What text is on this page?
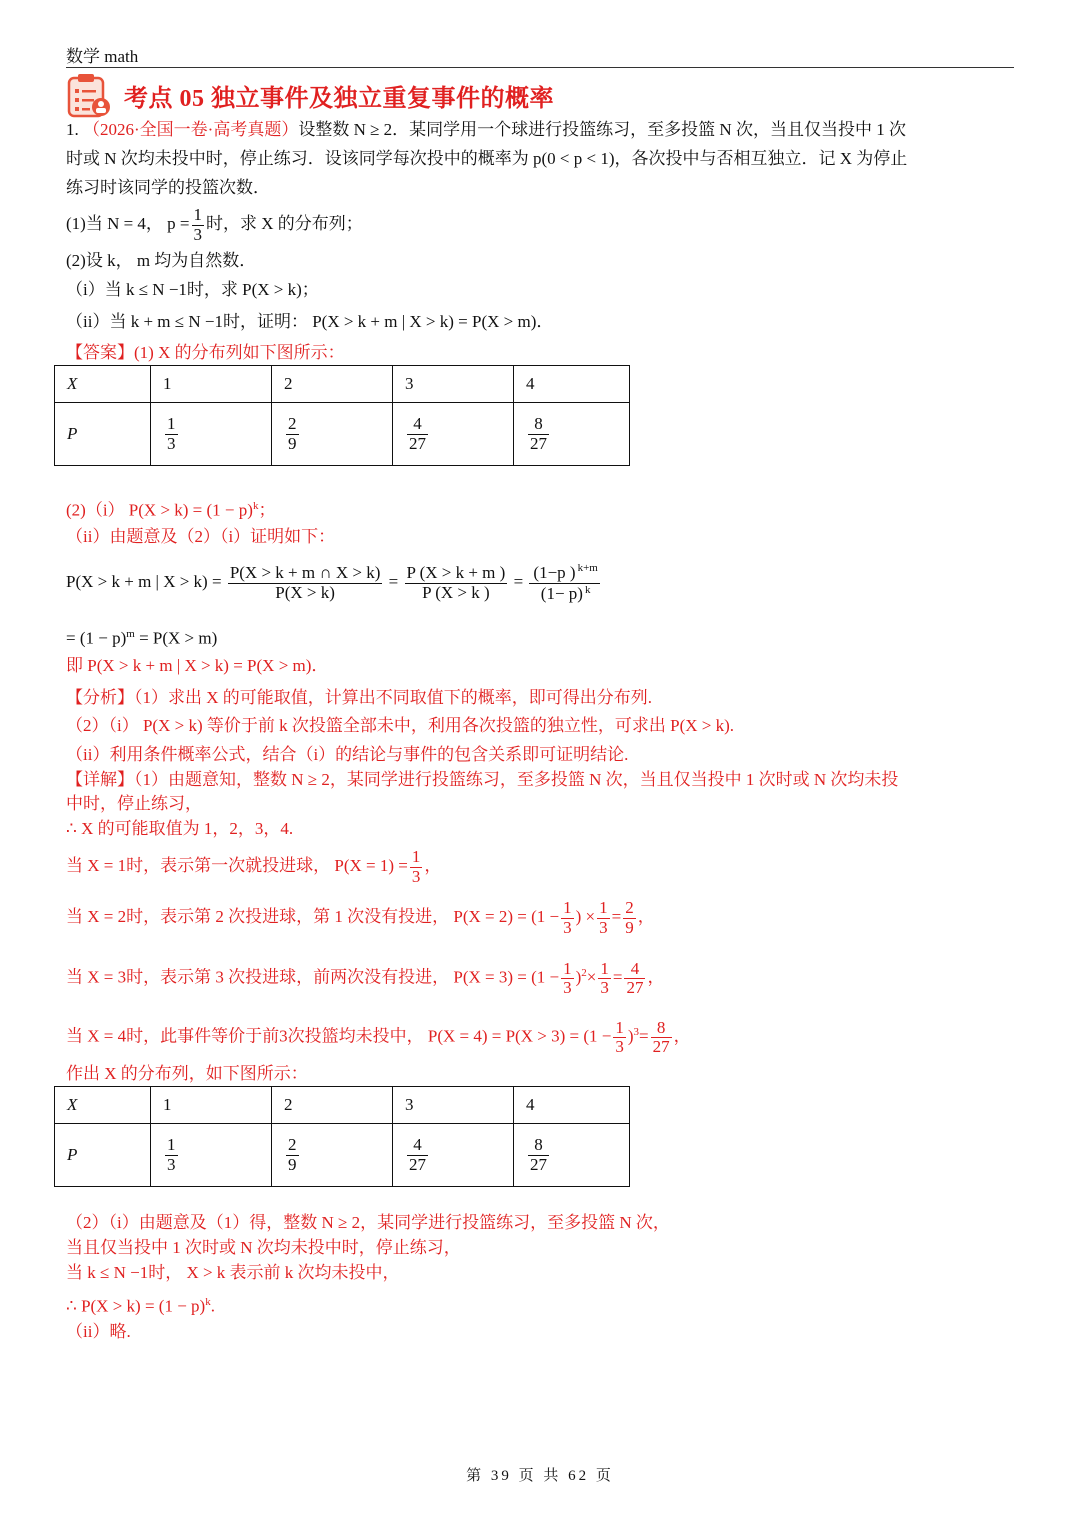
数学 math
考点 05 独立事件及独立重复事件的概率
1. （2026·全国一卷·高考真题）设整数 N ≥ 2．某同学用一个球进行投篮练习，至多投篮 N 次，当且仅当投中 1 次
时或 N 次均未投中时，停止练习．设该同学每次投中的概率为 p(0 < p < 1)，各次投中与否相互独立．记 X 为停止
练习时该同学的投篮次数．
(1)当 N = 4， $p = \frac{1}{3}$ 时，求 X 的分布列；
(2)设 k， m 均为自然数．
（i）当 k ≤ N −1时，求 P(X > k)；
（ii）当 k + m ≤ N −1时，证明： P(X > k + m | X > k) = P(X > m)．
【答案】(1) X 的分布列如下图所示：
X	1	2	3	4
P	$\frac{1}{3}$	$\frac{2}{9}$	$\frac{4}{27}$	$\frac{8}{27}$
(2)（i） $P(X > k) = (1 - p)^k$；
（ii）由题意及（2）（i）证明如下：
P(X > k + m | $X > k) = \frac{P(X > k + m \cap X > k)}{P(X > k)} = \frac{P (X > k + m )}{P (X > k )} = \frac{(1-p ) ^{k+m}}{(1- p) ^k}$
= $(1 - p)^m = P(X > m)$
即 P(X > k + m | X > k) = P(X > m)．
【分析】（1）求出 X 的可能取值，计算出不同取值下的概率，即可得出分布列.
（2）（i） P(X > k) 等价于前 k 次投篮全部未中，利用各次投篮的独立性，可求出 P(X > k).
（ii）利用条件概率公式，结合（i）的结论与事件的包含关系即可证明结论.
【详解】（1）由题意知，整数 N ≥ 2，某同学进行投篮练习，至多投篮 N 次，当且仅当投中 1 次时或 N 次均未投
中时，停止练习，
∴ X 的可能取值为 1，2，3，4.
当 X = 1时，表示第一次就投进球， $P(X = 1) = \frac{1}{3}$ ，
当 X = 2时，表示第 2 次投进球，第 1 次没有投进， $P(X = 2) = (1 - \frac{1}{3}$ ) × $\frac{1}{3} = \frac{2}{9}$ ，
当 X = 3时，表示第 3 次投进球，前两次没有投进， $P(X = 3) = (1 - \frac{1}{3} )^2\times \frac{1}{3} = \frac{4}{27}$ ，
当 X = 4时，此事件等价于前3次投篮均未投中， $P(X = 4) = P(X > 3) = (1 - \frac{1}{3} )^3= \frac{8}{27}$ ，
作出 X 的分布列，如下图所示：
X	1	2	3	4
P	$\frac{1}{3}$	$\frac{2}{9}$	$\frac{4}{27}$	$\frac{8}{27}$
（2）（i）由题意及（1）得，整数 N ≥ 2，某同学进行投篮练习，至多投篮 N 次，
当且仅当投中 1 次时或 N 次均未投中时，停止练习，
当 k ≤ N −1时， X > k 表示前 k 次均未投中，
∴ $P(X > k) = (1 - p)^k$.
（ii）略.
第 39 页 共 62 页
